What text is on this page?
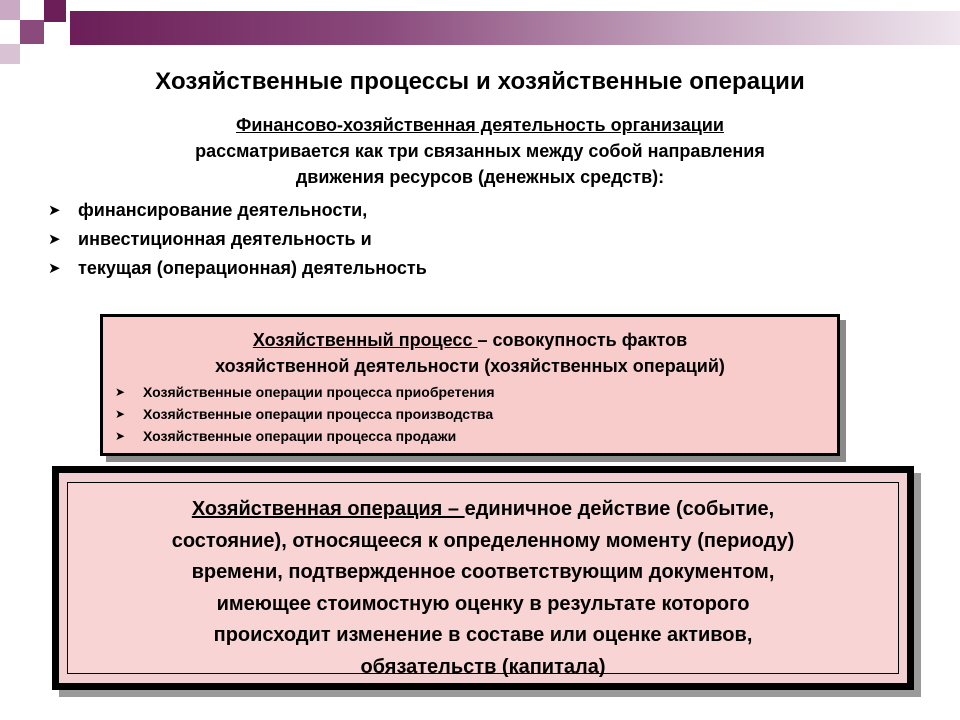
Хозяйственные процессы и хозяйственные операции
Финансово-хозяйственная деятельность организации
рассматривается как три связанных между собой направления
движения ресурсов (денежных средств):
➤ финансирование деятельности,
➤ инвестиционная деятельность и
➤ текущая (операционная) деятельность
Хозяйственный процесс – совокупность фактов
хозяйственной деятельности (хозяйственных операций)
➤	Хозяйственные операции процесса приобретения
➤	Хозяйственные операции процесса производства
➤	Хозяйственные операции процесса продажи
Хозяйственная операция – единичное действие (событие,
состояние), относящееся к определенному моменту (периоду)
времени, подтвержденное соответствующим документом,
имеющее стоимостную оценку в результате которого
происходит изменение в составе или оценке активов,
обязательств (капитала)
